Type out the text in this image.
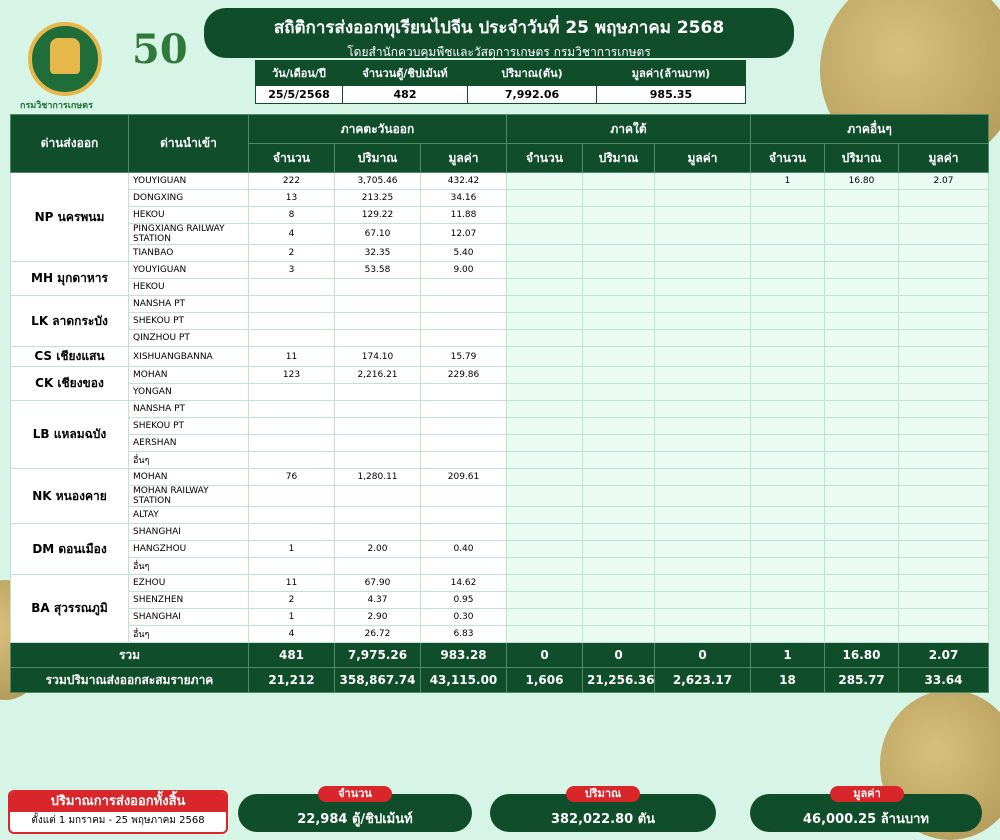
กรมวิชาการเกษตร
50	สถิติการส่งออกทุเรียนไปจีน ประจำวันที่ 25 พฤษภาคม 2568
โดยสำนักควบคุมพืชและวัสดุการเกษตร กรมวิชาการเกษตร
วัน/เดือน/ปี	จำนวนตู้/ชิปเม้นท์	ปริมาณ(ตัน)	มูลค่า(ล้านบาท)
25/5/2568	482	7,992.06	985.35
ด่านส่งออก	ด่านนำเข้า	ภาคตะวันออก			ภาคใต้			ภาคอื่นๆ		
		จำนวน	ปริมาณ	มูลค่า	จำนวน	ปริมาณ	มูลค่า	จำนวน	ปริมาณ	มูลค่า
NP นครพนม	YOUYIGUAN	222	3,705.46	432.42				1	16.80	2.07
	DONGXING	13	213.25	34.16						
	HEKOU	8	129.22	11.88						
	PINGXIANG RAILWAY STATION	4	67.10	12.07						
	TIANBAO	2	32.35	5.40						
MH มุกดาหาร	YOUYIGUAN	3	53.58	9.00						
	HEKOU									
LK ลาดกระบัง	NANSHA PT									
	SHEKOU PT									
	QINZHOU PT									
CS เชียงแสน	XISHUANGBANNA	11	174.10	15.79						
CK เชียงของ	MOHAN	123	2,216.21	229.86						
	YONGAN									
LB แหลมฉบัง	NANSHA PT									
	SHEKOU PT									
	AERSHAN									
	อื่นๆ									
NK หนองคาย	MOHAN	76	1,280.11	209.61						
	MOHAN RAILWAY STATION									
	ALTAY									
DM ดอนเมือง	SHANGHAI									
	HANGZHOU	1	2.00	0.40						
	อื่นๆ									
BA สุวรรณภูมิ	EZHOU	11	67.90	14.62						
	SHENZHEN	2	4.37	0.95						
	SHANGHAI	1	2.90	0.30						
	อื่นๆ	4	26.72	6.83						
รวม		481	7,975.26	983.28	0	0	0	1	16.80	2.07
รวมปริมาณส่งออกสะสมรายภาค		21,212	358,867.74	43,115.00	1,606	21,256.36	2,623.17	18	285.77	33.64
ปริมาณการส่งออกทั้งสิ้น
ตั้งแต่ 1 มกราคม - 25 พฤษภาคม 2568	22,984 ตู้/ชิปเม้นท์
จำนวน
382,022.80 ตัน
ปริมาณ
46,000.25 ล้านบาท
มูลค่า
